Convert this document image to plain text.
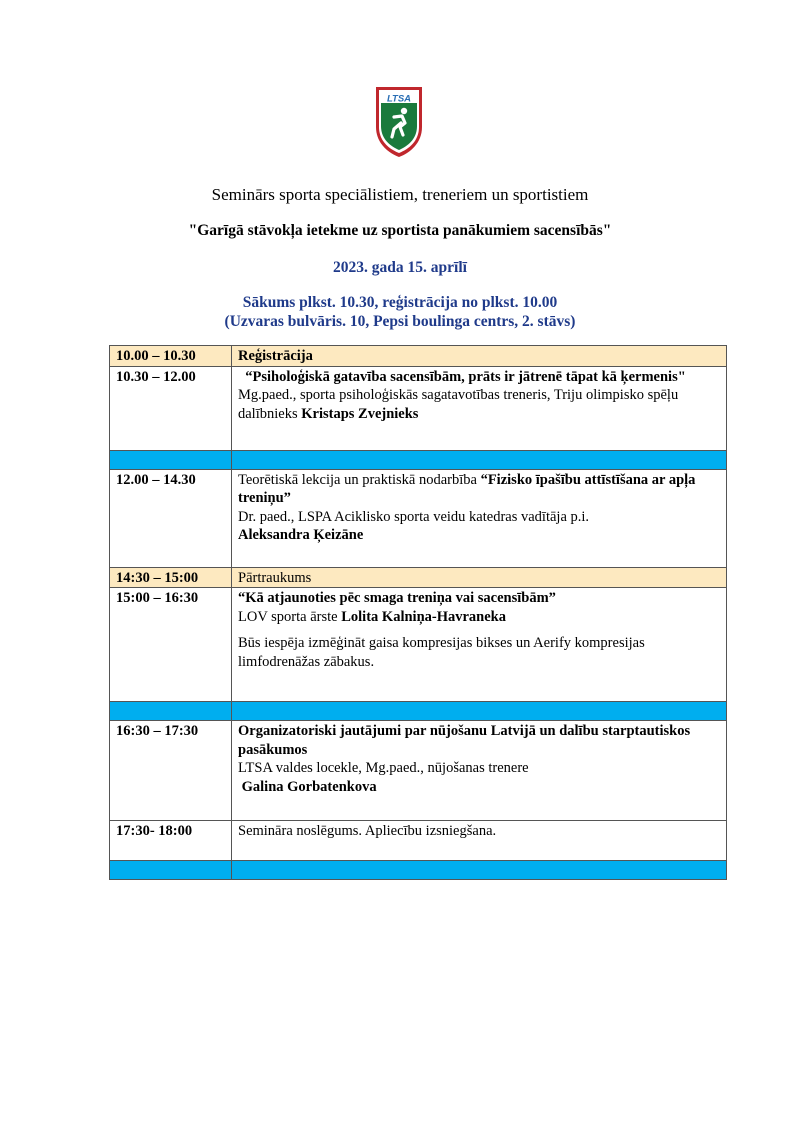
LTSA
Seminārs sporta speciālistiem, treneriem un sportistiem
"Garīgā stāvokļa ietekme uz sportista panākumiem sacensībās"
2023. gada 15. aprīlī
Sākums plkst. 10.30, reģistrācija no plkst. 10.00
(Uzvaras bulvāris. 10, Pepsi boulinga centrs, 2. stāvs)
10.00 – 10.30	Reģistrācija
10.30 – 12.00	“Psiholoģiskā gatavība sacensībām, prāts ir jātrenē tāpat kā ķermenis"
Mg.paed., sporta psiholoģiskās sagatavotības treneris, Triju olimpisko spēļu dalībnieks Kristaps Zvejnieks

12.00 – 14.30	Teorētiskā lekcija un praktiskā nodarbība “Fizisko īpašību attīstīšana ar apļa treniņu”
Dr. paed., LSPA Aciklisko sporta veidu katedras vadītāja p.i.
Aleksandra Ķeizāne

14:30 – 15:00	Pārtraukums
15:00 – 16:30	“Kā atjaunoties pēc smaga treniņa vai sacensībām”
LOV sporta ārste Lolita Kalniņa-Havraneka
Būs iespēja izmēģināt gaisa kompresijas bikses un Aerify kompresijas limfodrenāžas zābakus.

16:30 – 17:30	Organizatoriski jautājumi par nūjošanu Latvijā un dalību starptautiskos pasākumos
LTSA valdes locekle, Mg.paed., nūjošanas trenere
Galina Gorbatenkova

17:30- 18:00	Semināra noslēgums. Apliecību izsniegšana.
